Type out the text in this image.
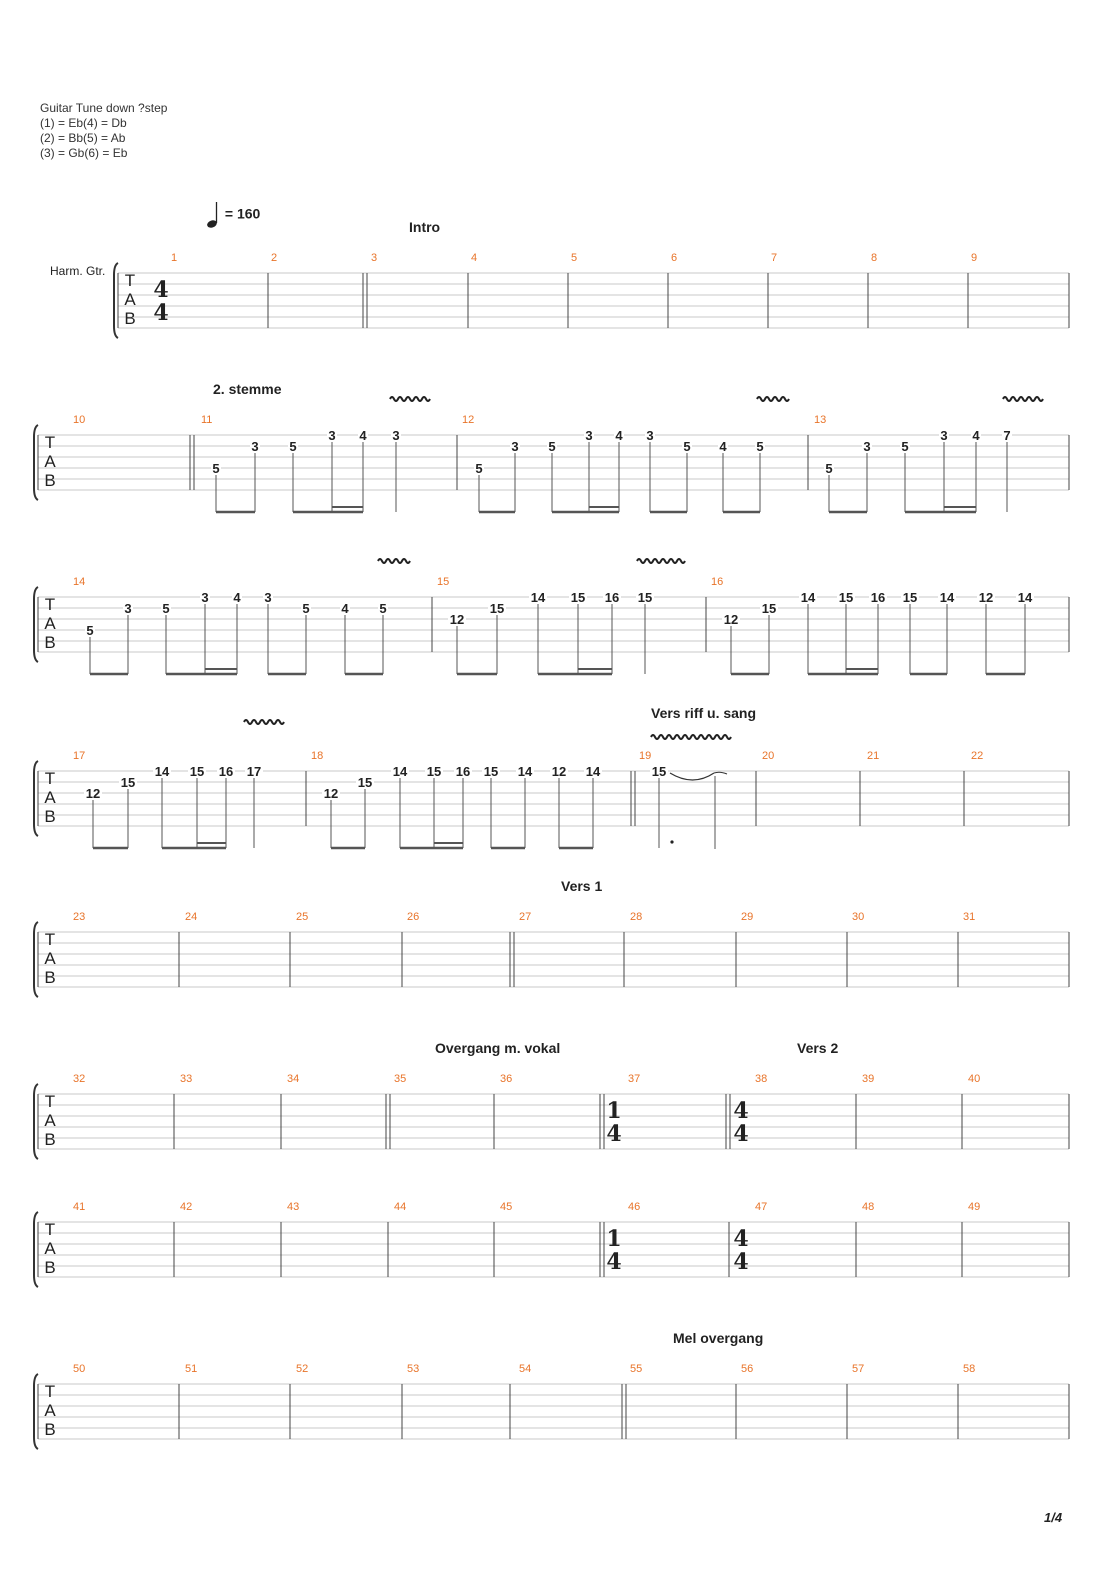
Guitar Tune down ?step
(1) = Eb(4) = Db
(2) = Bb(5) = Ab
(3) = Gb(6) = Eb
= 160
Harm. Gtr.
Intro
2. stemme
Vers riff u. sang
Vers 1
Overgang m. vokal	Vers 2
Mel overgang
T
A
B
1	2	3	4	5	6	7	8	9
T
A
B
10	11	12	13
T
A
B
14	15	16
T
A
B
17	18	19	20	21	22
T
A
B
23	24	25	26	27	28	29	30	31
T
A
B
32	33	34	35	36	37	38	39	40
T
A
B
41	42	43	44	45	46	47	48	49
T
A
B
50	51	52	53	54	55	56	57	58
4
4
1
4
4
4
1
4
4
4
5
3 5
3 4 3
5
3 5
3 4 3
5 4 5
5
3 5
3 4 7
5
3 5
3 4 3
5 4 5
12
15
14 15 16 15
12
15
14 15 16 15 14 12 14
12
15
14 15 16 17
12
15
14 15 16 15 14 12 14	15
1/4
